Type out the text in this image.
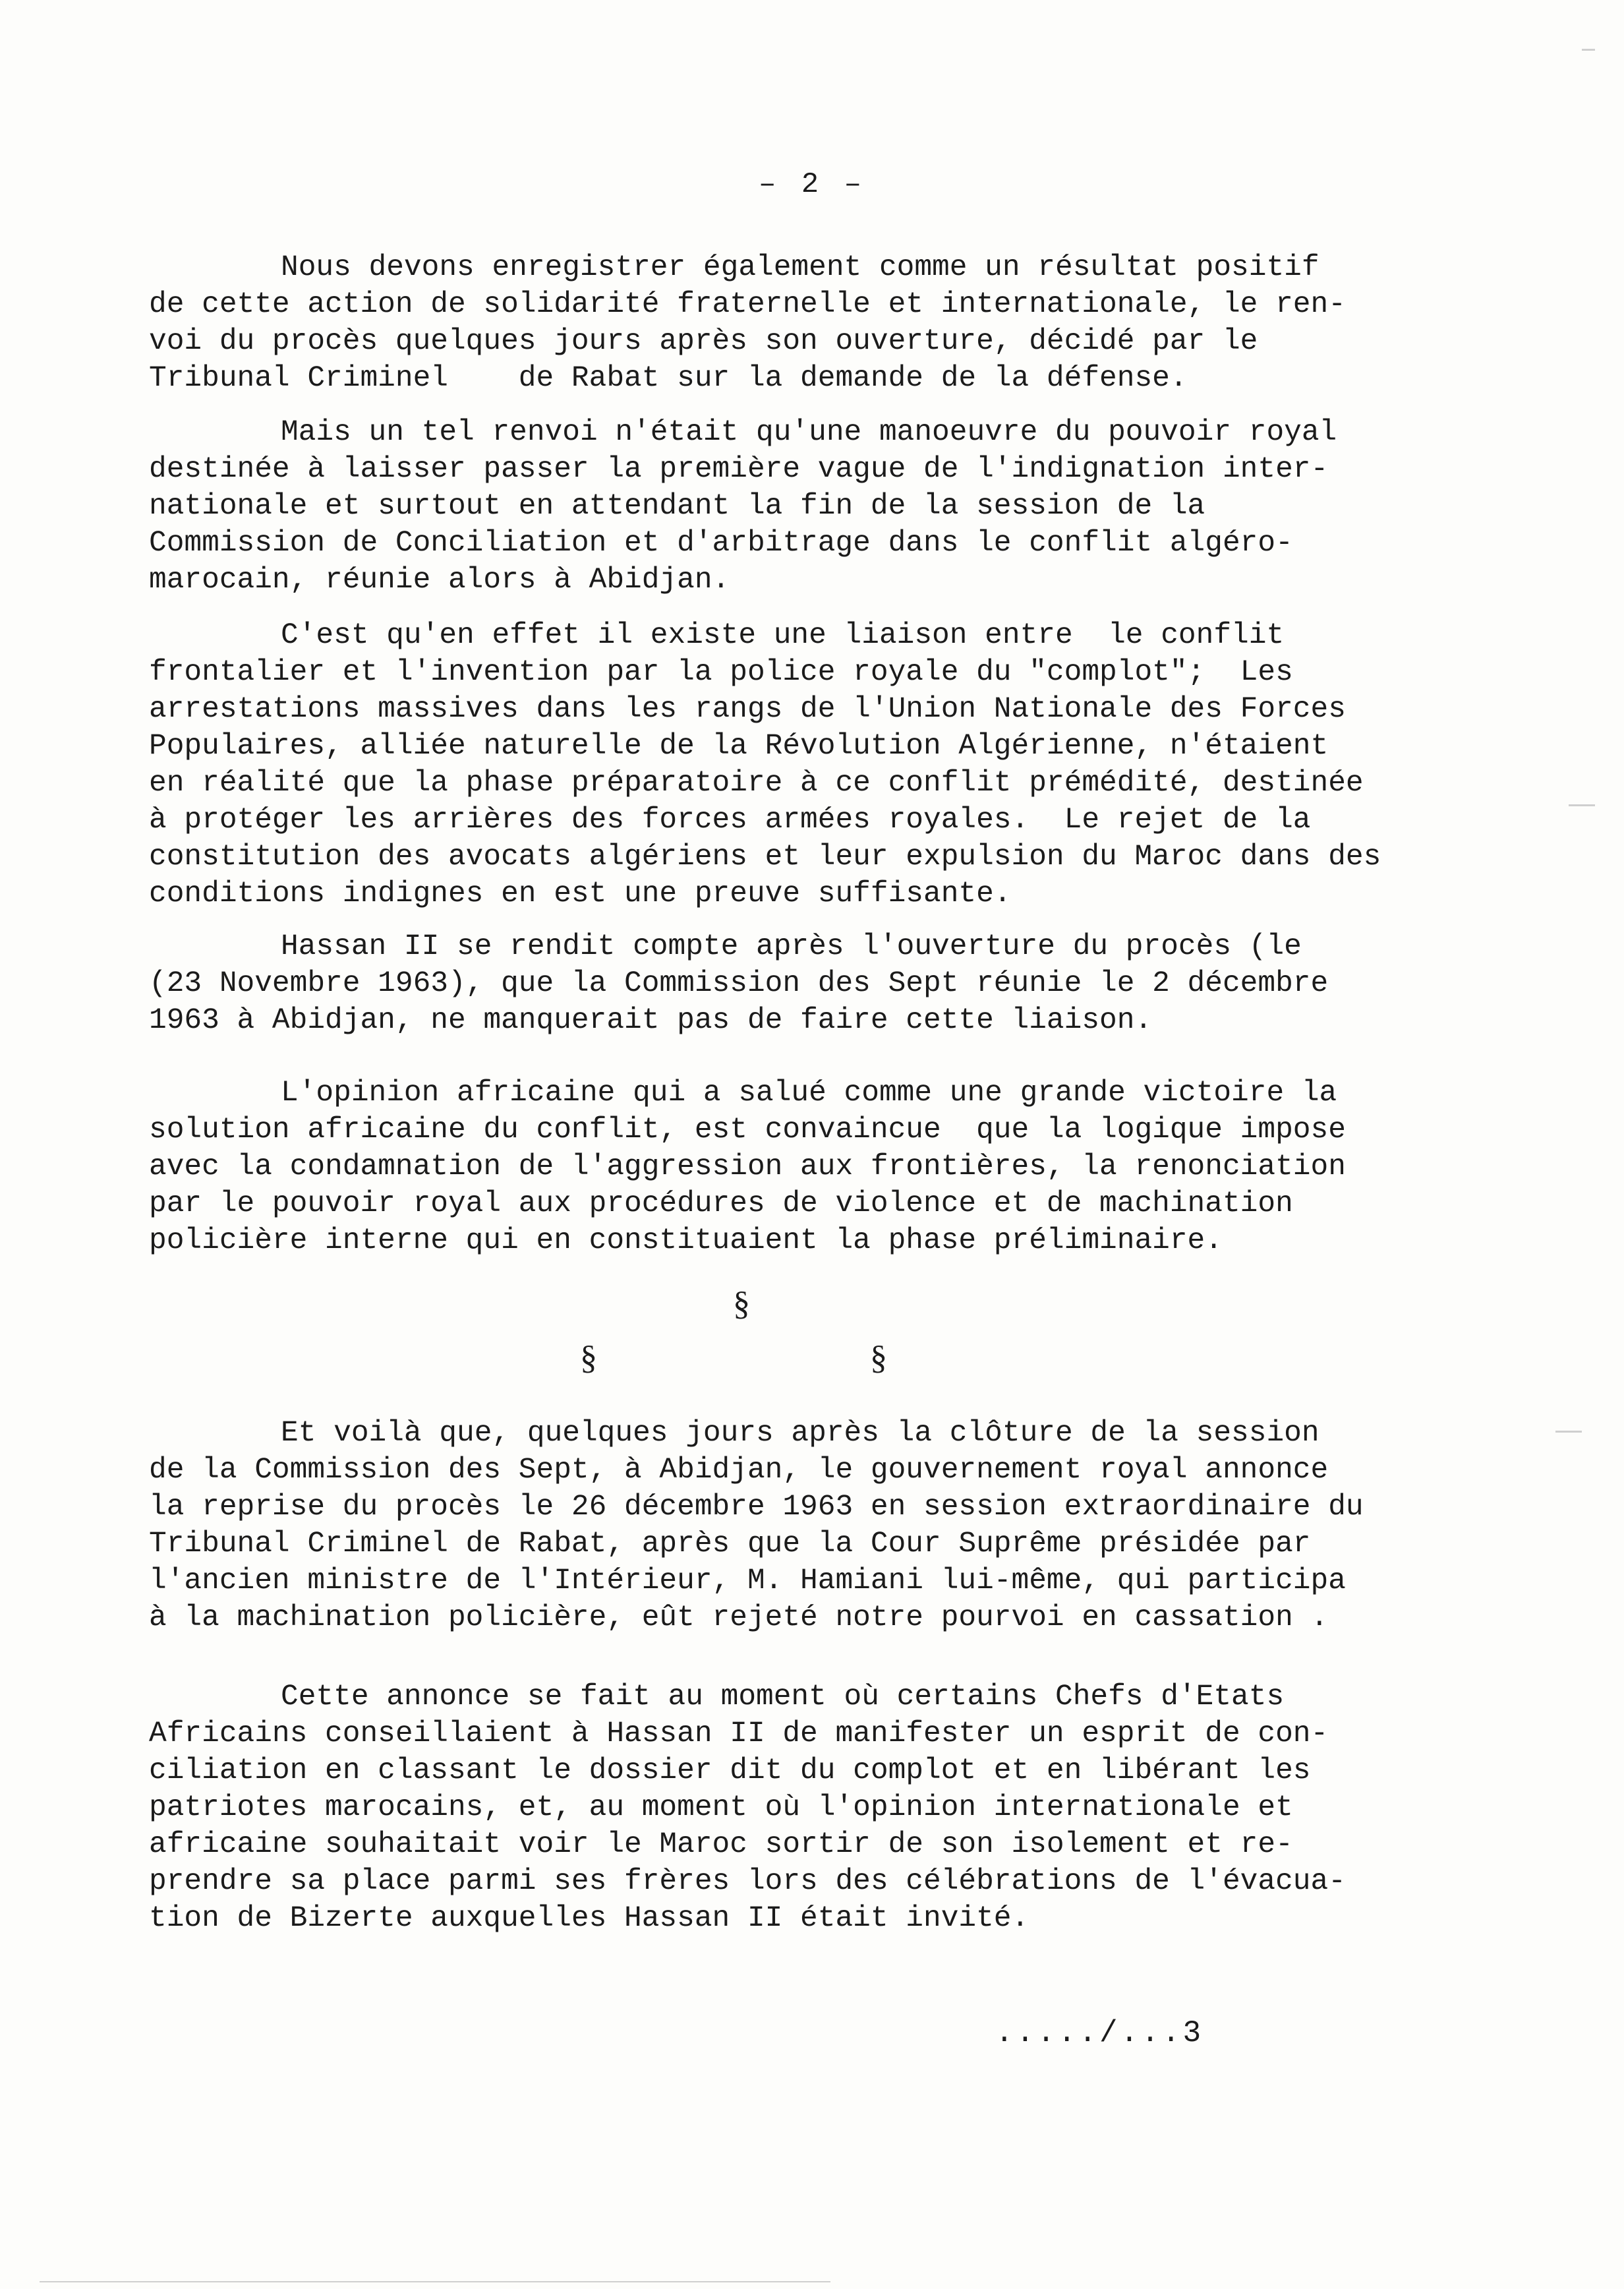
– 2 –
Nous devons enregistrer également comme un résultat positif
de cette action de solidarité fraternelle et internationale, le ren-
voi du procès quelques jours après son ouverture, décidé par le
Tribunal Criminel    de Rabat sur la demande de la défense.
Mais un tel renvoi n'était qu'une manoeuvre du pouvoir royal
destinée à laisser passer la première vague de l'indignation inter-
nationale et surtout en attendant la fin de la session de la
Commission de Conciliation et d'arbitrage dans le conflit algéro-
marocain, réunie alors à Abidjan.
C'est qu'en effet il existe une liaison entre  le conflit
frontalier et l'invention par la police royale du "complot";  Les
arrestations massives dans les rangs de l'Union Nationale des Forces
Populaires, alliée naturelle de la Révolution Algérienne, n'étaient
en réalité que la phase préparatoire à ce conflit prémédité, destinée
à protéger les arrières des forces armées royales.  Le rejet de la
constitution des avocats algériens et leur expulsion du Maroc dans des
conditions indignes en est une preuve suffisante.
Hassan II se rendit compte après l'ouverture du procès (le
(23 Novembre 1963), que la Commission des Sept réunie le 2 décembre
1963 à Abidjan, ne manquerait pas de faire cette liaison.
L'opinion africaine qui a salué comme une grande victoire la
solution africaine du conflit, est convaincue  que la logique impose
avec la condamnation de l'aggression aux frontières, la renonciation
par le pouvoir royal aux procédures de violence et de machination
policière interne qui en constituaient la phase préliminaire.
§
§	§
Et voilà que, quelques jours après la clôture de la session
de la Commission des Sept, à Abidjan, le gouvernement royal annonce
la reprise du procès le 26 décembre 1963 en session extraordinaire du
Tribunal Criminel de Rabat, après que la Cour Suprême présidée par
l'ancien ministre de l'Intérieur, M. Hamiani lui-même, qui participa
à la machination policière, eût rejeté notre pourvoi en cassation .
Cette annonce se fait au moment où certains Chefs d'Etats
Africains conseillaient à Hassan II de manifester un esprit de con-
ciliation en classant le dossier dit du complot et en libérant les
patriotes marocains, et, au moment où l'opinion internationale et
africaine souhaitait voir le Maroc sortir de son isolement et re-
prendre sa place parmi ses frères lors des célébrations de l'évacua-
tion de Bizerte auxquelles Hassan II était invité.
...../...3
